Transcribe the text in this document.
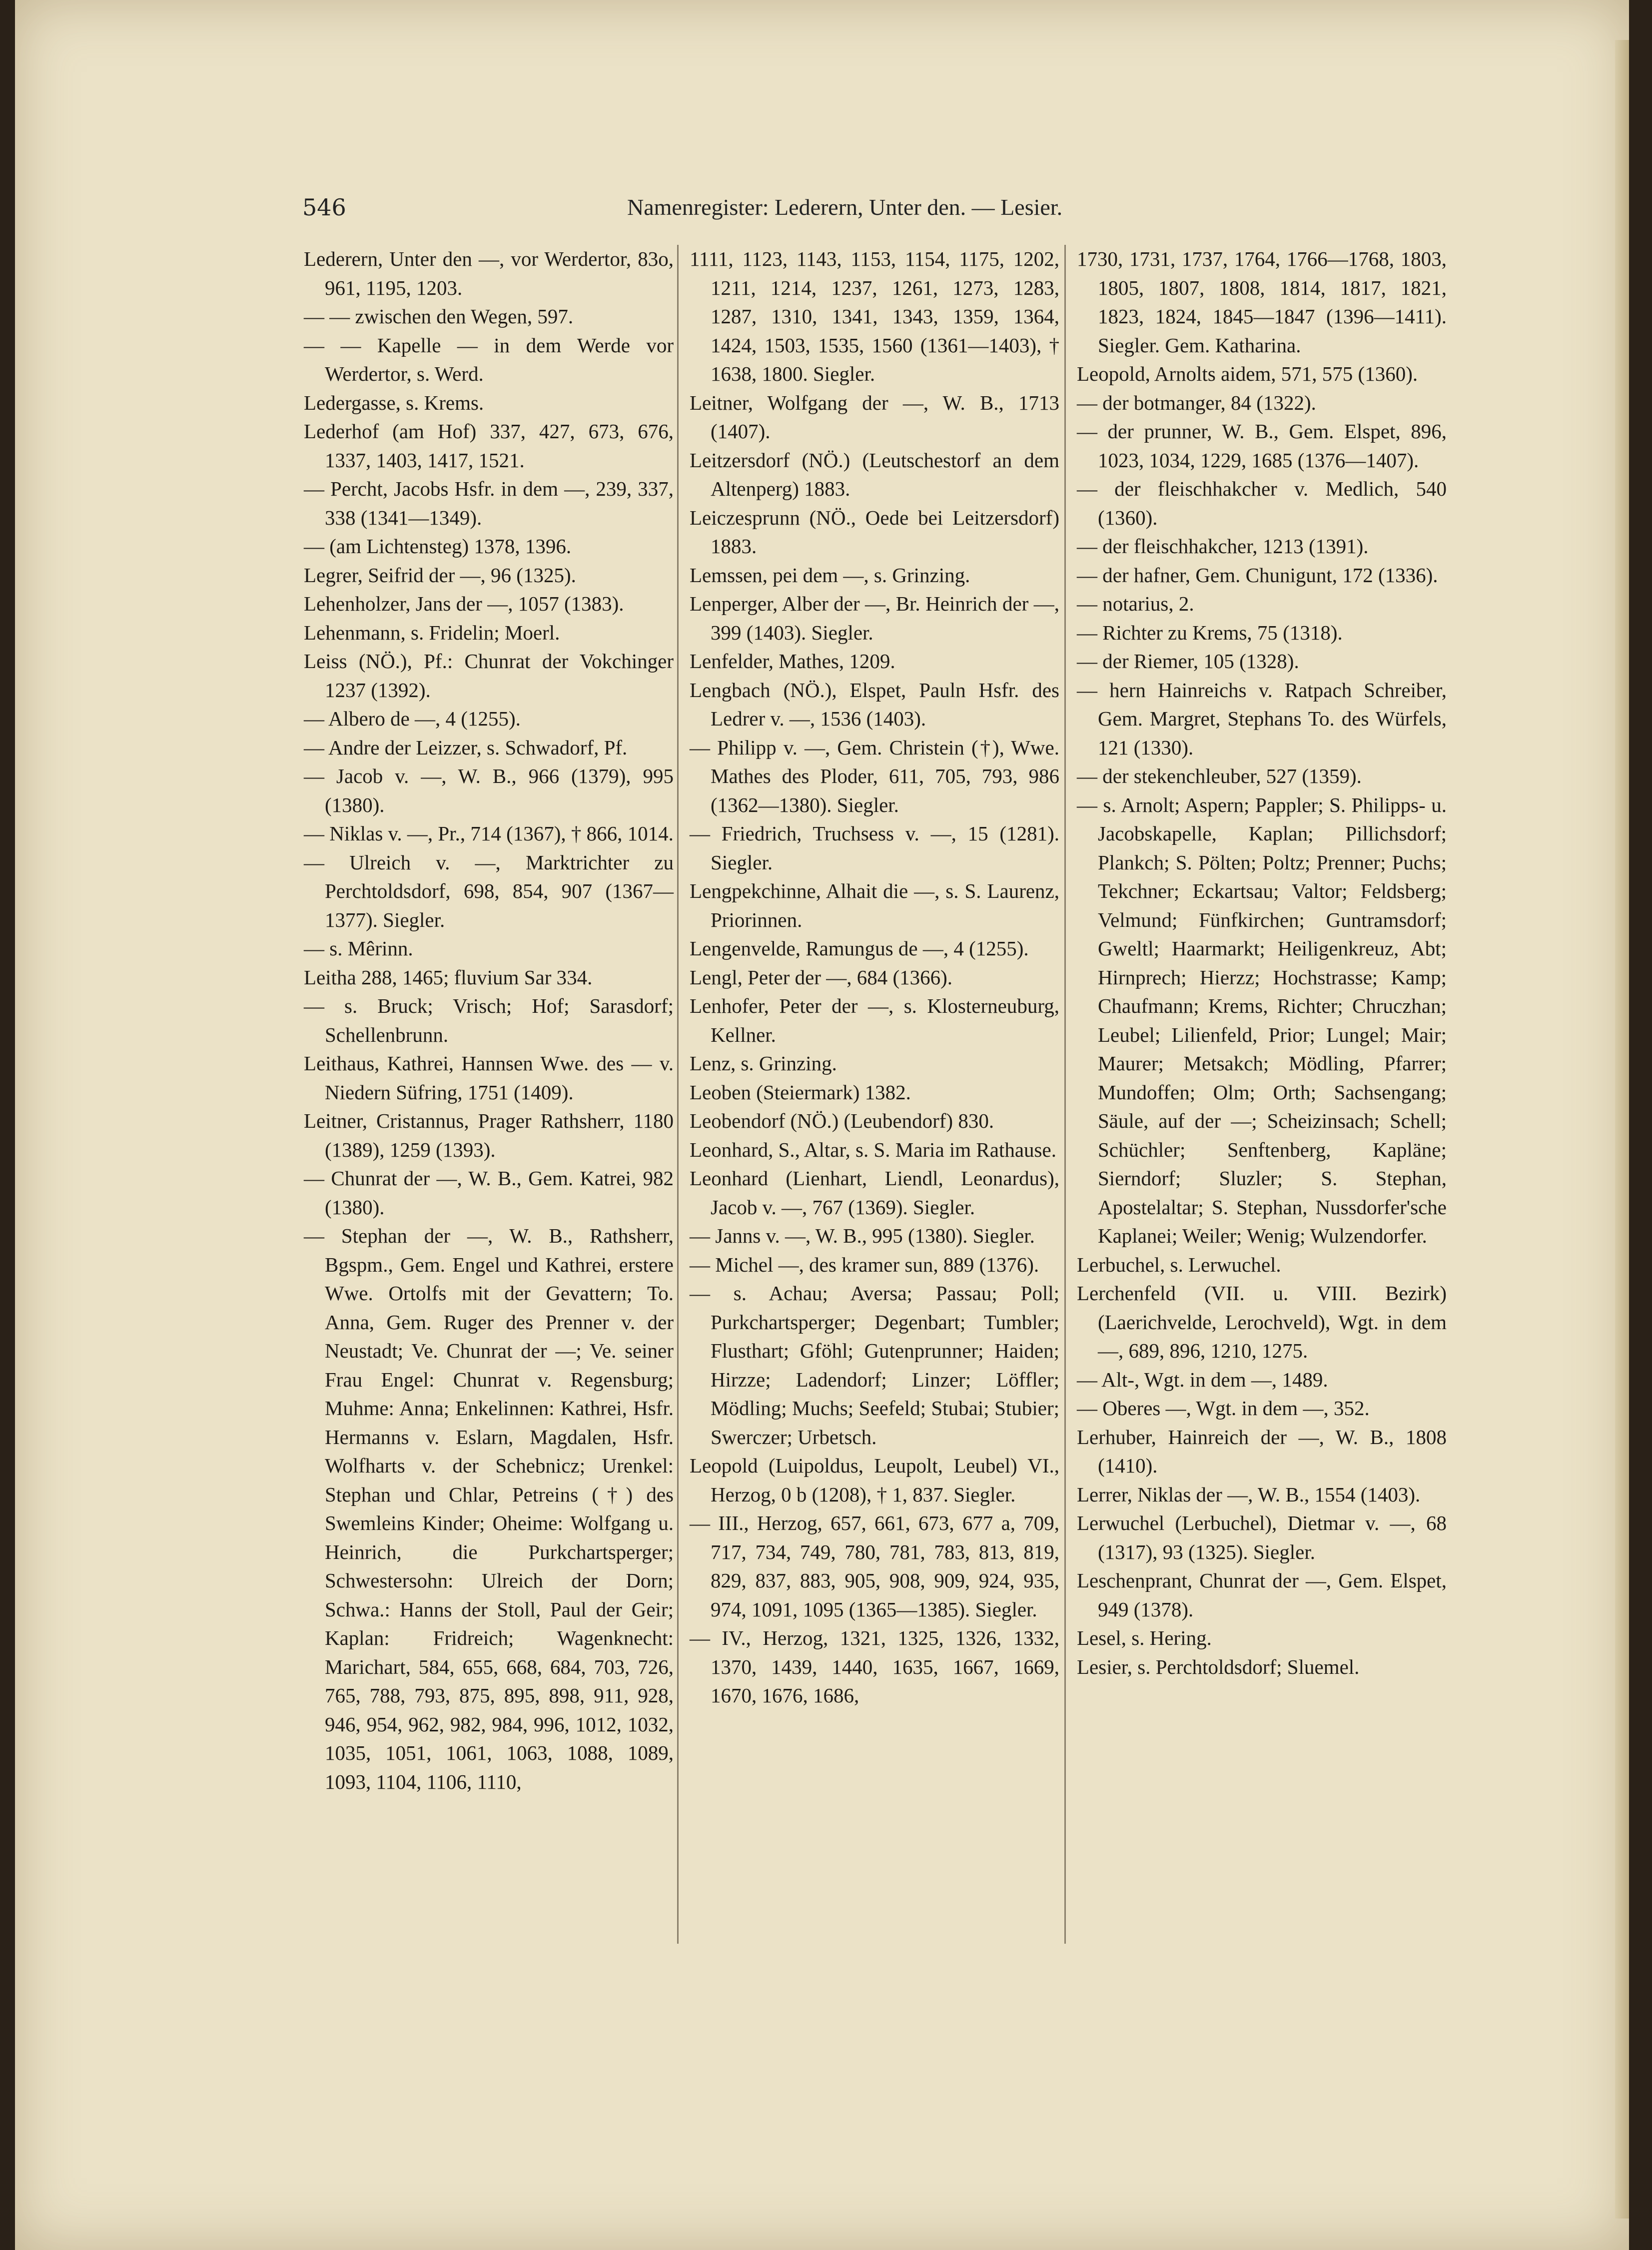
546	Namenregister: Lederern, Unter den. — Lesier.

Lederern, Unter den —, vor Werdertor, 83o, 961, 1195, 1203.

— — zwischen den Wegen, 597.

— — Kapelle — in dem Werde vor Werdertor, s. Werd.

Ledergasse, s. Krems.

Lederhof (am Hof) 337, 427, 673, 676, 1337, 1403, 1417, 1521.

— Percht, Jacobs Hsfr. in dem —, 239, 337, 338 (1341—1349).

— (am Lichtensteg) 1378, 1396.

Legrer, Seifrid der —, 96 (1325).

Lehenholzer, Jans der —, 1057 (1383).

Lehenmann, s. Fridelin; Moerl.

Leiss (NÖ.), Pf.: Chunrat der Vokchinger 1237 (1392).

— Albero de —, 4 (1255).

— Andre der Leizzer, s. Schwadorf, Pf.

— Jacob v. —, W. B., 966 (1379), 995 (1380).

— Niklas v. —, Pr., 714 (1367), † 866, 1014.

— Ulreich v. —, Marktrichter zu Perchtoldsdorf, 698, 854, 907 (1367—1377). Siegler.

— s. Mêrinn.

Leitha 288, 1465; fluvium Sar 334.

— s. Bruck; Vrisch; Hof; Sarasdorf; Schellenbrunn.

Leithaus, Kathrei, Hannsen Wwe. des — v. Niedern Süfring, 1751 (1409).

Leitner, Cristannus, Prager Rathsherr, 1180 (1389), 1259 (1393).

— Chunrat der —, W. B., Gem. Katrei, 982 (1380).

— Stephan der —, W. B., Rathsherr, Bgspm., Gem. Engel und Kathrei, erstere Wwe. Ortolfs mit der Gevattern; To. Anna, Gem. Ruger des Prenner v. der Neustadt; Ve. Chunrat der —; Ve. seiner Frau Engel: Chunrat v. Regensburg; Muhme: Anna; Enkelinnen: Kathrei, Hsfr. Hermanns v. Eslarn, Magdalen, Hsfr. Wolfharts v. der Schebnicz; Urenkel: Stephan und Chlar, Petreins (†) des Swemleins Kinder; Oheime: Wolfgang u. Heinrich, die Purkchartsperger; Schwestersohn: Ulreich der Dorn; Schwa.: Hanns der Stoll, Paul der Geir; Kaplan: Fridreich; Wagenknecht: Marichart, 584, 655, 668, 684, 703, 726, 765, 788, 793, 875, 895, 898, 911, 928, 946, 954, 962, 982, 984, 996, 1012, 1032, 1035, 1051, 1061, 1063, 1088, 1089, 1093, 1104, 1106, 1110,

1111, 1123, 1143, 1153, 1154, 1175, 1202, 1211, 1214, 1237, 1261, 1273, 1283, 1287, 1310, 1341, 1343, 1359, 1364, 1424, 1503, 1535, 1560 (1361—1403), † 1638, 1800. Siegler.

Leitner, Wolfgang der —, W. B., 1713 (1407).

Leitzersdorf (NÖ.) (Leutschestorf an dem Altenperg) 1883.

Leiczesprunn (NÖ., Oede bei Leitzersdorf) 1883.

Lemssen, pei dem —, s. Grinzing.

Lenperger, Alber der —, Br. Heinrich der —, 399 (1403). Siegler.

Lenfelder, Mathes, 1209.

Lengbach (NÖ.), Elspet, Pauln Hsfr. des Ledrer v. —, 1536 (1403).

— Philipp v. —, Gem. Christein (†), Wwe. Mathes des Ploder, 611, 705, 793, 986 (1362—1380). Siegler.

— Friedrich, Truchsess v. —, 15 (1281). Siegler.

Lengpekchinne, Alhait die —, s. S. Laurenz, Priorinnen.

Lengenvelde, Ramungus de —, 4 (1255).

Lengl, Peter der —, 684 (1366).

Lenhofer, Peter der —, s. Klosterneuburg, Kellner.

Lenz, s. Grinzing.

Leoben (Steiermark) 1382.

Leobendorf (NÖ.) (Leubendorf) 830.

Leonhard, S., Altar, s. S. Maria im Rathause.

Leonhard (Lienhart, Liendl, Leonardus), Jacob v. —, 767 (1369). Siegler.

— Janns v. —, W. B., 995 (1380). Siegler.

— Michel —, des kramer sun, 889 (1376).

— s. Achau; Aversa; Passau; Poll; Purkchartsperger; Degenbart; Tumbler; Flusthart; Gföhl; Gutenprunner; Haiden; Hirzze; Ladendorf; Linzer; Löffler; Mödling; Muchs; Seefeld; Stubai; Stubier; Swerczer; Urbetsch.

Leopold (Luipoldus, Leupolt, Leubel) VI., Herzog, 0 b (1208), † 1, 837. Siegler.

— III., Herzog, 657, 661, 673, 677 a, 709, 717, 734, 749, 780, 781, 783, 813, 819, 829, 837, 883, 905, 908, 909, 924, 935, 974, 1091, 1095 (1365—1385). Siegler.

— IV., Herzog, 1321, 1325, 1326, 1332, 1370, 1439, 1440, 1635, 1667, 1669, 1670, 1676, 1686,

1730, 1731, 1737, 1764, 1766—1768, 1803, 1805, 1807, 1808, 1814, 1817, 1821, 1823, 1824, 1845—1847 (1396—1411). Siegler. Gem. Katharina.

Leopold, Arnolts aidem, 571, 575 (1360).

— der botmanger, 84 (1322).

— der prunner, W. B., Gem. Elspet, 896, 1023, 1034, 1229, 1685 (1376—1407).

— der fleischhakcher v. Medlich, 540 (1360).

— der fleischhakcher, 1213 (1391).

— der hafner, Gem. Chunigunt, 172 (1336).

— notarius, 2.

— Richter zu Krems, 75 (1318).

— der Riemer, 105 (1328).

— hern Hainreichs v. Ratpach Schreiber, Gem. Margret, Stephans To. des Würfels, 121 (1330).

— der stekenchleuber, 527 (1359).

— s. Arnolt; Aspern; Pappler; S. Philipps- u. Jacobskapelle, Kaplan; Pillichsdorf; Plankch; S. Pölten; Poltz; Prenner; Puchs; Tekchner; Eckartsau; Valtor; Feldsberg; Velmund; Fünfkirchen; Guntramsdorf; Gweltl; Haarmarkt; Heiligenkreuz, Abt; Hirnprech; Hierzz; Hochstrasse; Kamp; Chaufmann; Krems, Richter; Chruczhan; Leubel; Lilienfeld, Prior; Lungel; Mair; Maurer; Metsakch; Mödling, Pfarrer; Mundoffen; Olm; Orth; Sachsengang; Säule, auf der —; Scheizinsach; Schell; Schüchler; Senftenberg, Kapläne; Sierndorf; Sluzler; S. Stephan, Apostelaltar; S. Stephan, Nussdorfer'sche Kaplanei; Weiler; Wenig; Wulzendorfer.

Lerbuchel, s. Lerwuchel.

Lerchenfeld (VII. u. VIII. Bezirk) (Laerichvelde, Lerochveld), Wgt. in dem —, 689, 896, 1210, 1275.

— Alt-, Wgt. in dem —, 1489.

— Oberes —, Wgt. in dem —, 352.

Lerhuber, Hainreich der —, W. B., 1808 (1410).

Lerrer, Niklas der —, W. B., 1554 (1403).

Lerwuchel (Lerbuchel), Dietmar v. —, 68 (1317), 93 (1325). Siegler.

Leschenprant, Chunrat der —, Gem. Elspet, 949 (1378).

Lesel, s. Hering.

Lesier, s. Perchtoldsdorf; Sluemel.
